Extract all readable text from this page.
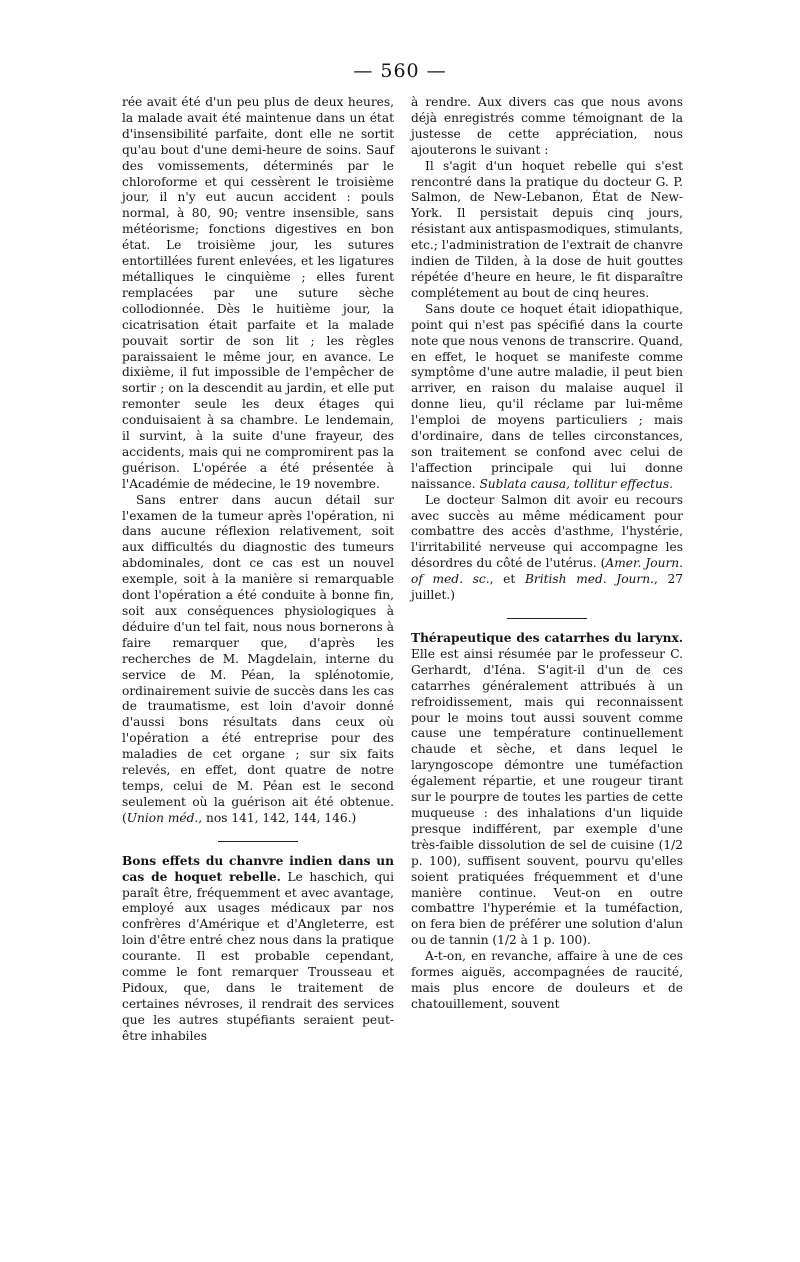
— 560 —

rée avait été d'un peu plus de deux heures, la malade avait été maintenue dans un état d'insensibilité parfaite, dont elle ne sortit qu'au bout d'une demi-heure de soins. Sauf des vomissements, déterminés par le chloroforme et qui cessèrent le troisième jour, il n'y eut aucun accident : pouls normal, à 80, 90; ventre insensible, sans météorisme; fonctions digestives en bon état. Le troisième jour, les sutures entortillées furent enlevées, et les ligatures métalliques le cinquième ; elles furent remplacées par une suture sèche collodionnée. Dès le huitième jour, la cicatrisation était parfaite et la malade pouvait sortir de son lit ; les règles paraissaient le même jour, en avance. Le dixième, il fut impossible de l'empêcher de sortir ; on la descendit au jardin, et elle put remonter seule les deux étages qui conduisaient à sa chambre. Le lendemain, il survint, à la suite d'une frayeur, des accidents, mais qui ne compromirent pas la guérison. L'opérée a été présentée à l'Académie de médecine, le 19 novembre.

Sans entrer dans aucun détail sur l'examen de la tumeur après l'opération, ni dans aucune réflexion relativement, soit aux difficultés du diagnostic des tumeurs abdominales, dont ce cas est un nouvel exemple, soit à la manière si remarquable dont l'opération a été conduite à bonne fin, soit aux conséquences physiologiques à déduire d'un tel fait, nous nous bornerons à faire remarquer que, d'après les recherches de M. Magdelain, interne du service de M. Péan, la splénotomie, ordinairement suivie de succès dans les cas de traumatisme, est loin d'avoir donné d'aussi bons résultats dans ceux où l'opération a été entreprise pour des maladies de cet organe ; sur six faits relevés, en effet, dont quatre de notre temps, celui de M. Péan est le second seulement où la guérison ait été obtenue. (Union méd., nos 141, 142, 144, 146.)

Bons effets du chanvre indien dans un cas de hoquet rebelle. Le haschich, qui paraît être, fréquemment et avec avantage, employé aux usages médicaux par nos confrères d'Amérique et d'Angleterre, est loin d'être entré chez nous dans la pratique courante. Il est probable cependant, comme le font remarquer Trousseau et Pidoux, que, dans le traitement de certaines névroses, il rendrait des services que les autres stupéfiants seraient peut-être inhabiles

à rendre. Aux divers cas que nous avons déjà enregistrés comme témoignant de la justesse de cette appréciation, nous ajouterons le suivant :

Il s'agit d'un hoquet rebelle qui s'est rencontré dans la pratique du docteur G. P. Salmon, de New-Lebanon, État de New-York. Il persistait depuis cinq jours, résistant aux antispasmodiques, stimulants, etc.; l'administration de l'extrait de chanvre indien de Tilden, à la dose de huit gouttes répétée d'heure en heure, le fit disparaître complétement au bout de cinq heures.

Sans doute ce hoquet était idiopathique, point qui n'est pas spécifié dans la courte note que nous venons de transcrire. Quand, en effet, le hoquet se manifeste comme symptôme d'une autre maladie, il peut bien arriver, en raison du malaise auquel il donne lieu, qu'il réclame par lui-même l'emploi de moyens particuliers ; mais d'ordinaire, dans de telles circonstances, son traitement se confond avec celui de l'affection principale qui lui donne naissance. Sublata causa, tollitur effectus.

Le docteur Salmon dit avoir eu recours avec succès au même médicament pour combattre des accès d'asthme, l'hystérie, l'irritabilité nerveuse qui accompagne les désordres du côté de l'utérus. (Amer. Journ. of med. sc., et British med. Journ., 27 juillet.)

Thérapeutique des catarrhes du larynx. Elle est ainsi résumée par le professeur C. Gerhardt, d'Iéna. S'agit-il d'un de ces catarrhes généralement attribués à un refroidissement, mais qui reconnaissent pour le moins tout aussi souvent comme cause une température continuellement chaude et sèche, et dans lequel le laryngoscope démontre une tuméfaction également répartie, et une rougeur tirant sur le pourpre de toutes les parties de cette muqueuse : des inhalations d'un liquide presque indifférent, par exemple d'une très-faible dissolution de sel de cuisine (1/2 p. 100), suffisent souvent, pourvu qu'elles soient pratiquées fréquemment et d'une manière continue. Veut-on en outre combattre l'hyperémie et la tuméfaction, on fera bien de préférer une solution d'alun ou de tannin (1/2 à 1 p. 100).

A-t-on, en revanche, affaire à une de ces formes aiguës, accompagnées de raucité, mais plus encore de douleurs et de chatouillement, souvent
